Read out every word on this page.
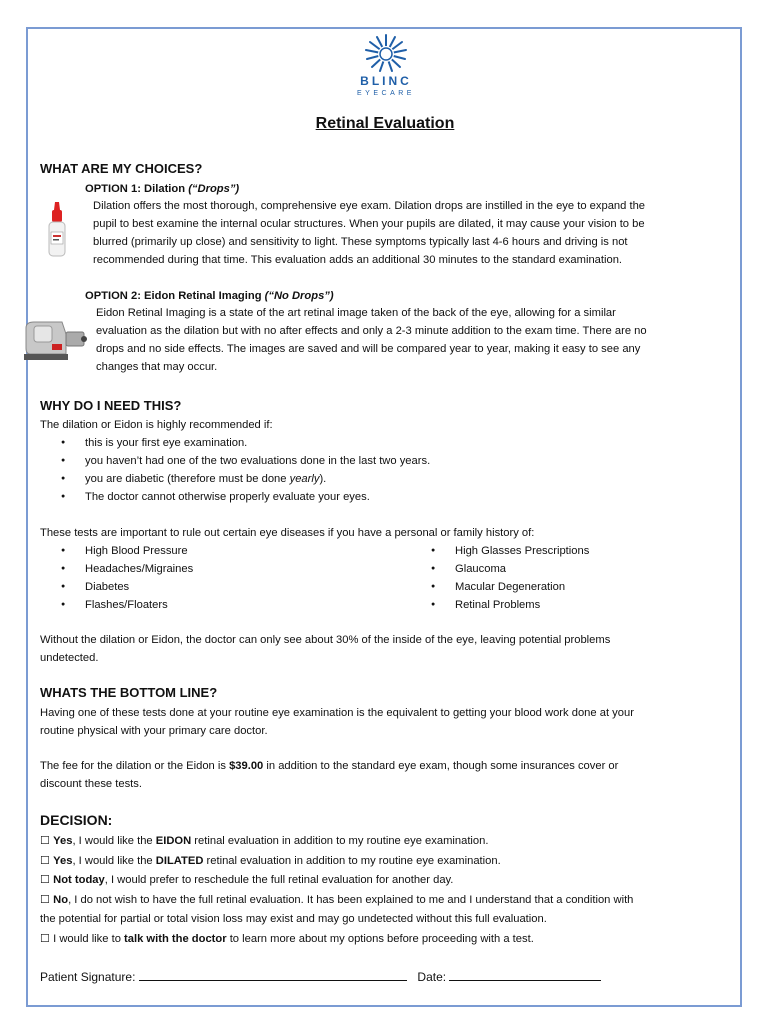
BLINC
EYECARE
Retinal Evaluation
WHAT ARE MY CHOICES?
OPTION 1: Dilation (“Drops”)
Dilation offers the most thorough, comprehensive eye exam. Dilation drops are instilled in the eye to expand the
pupil to best examine the internal ocular structures. When your pupils are dilated, it may cause your vision to be
blurred (primarily up close) and sensitivity to light. These symptoms typically last 4-6 hours and driving is not
recommended during that time. This evaluation adds an additional 30 minutes to the standard examination.
OPTION 2: Eidon Retinal Imaging (“No Drops”)
Eidon Retinal Imaging is a state of the art retinal image taken of the back of the eye, allowing for a similar
evaluation as the dilation but with no after effects and only a 2-3 minute addition to the exam time. There are no
drops and no side effects. The images are saved and will be compared year to year, making it easy to see any
changes that may occur.
WHY DO I NEED THIS?
The dilation or Eidon is highly recommended if:
● this is your first eye examination.
● you haven’t had one of the two evaluations done in the last two years.
● you are diabetic (therefore must be done yearly).
● The doctor cannot otherwise properly evaluate your eyes.
These tests are important to rule out certain eye diseases if you have a personal or family history of:
● High Blood Pressure
● Headaches/Migraines
● Diabetes
● Flashes/Floaters
● High Glasses Prescriptions
● Glaucoma
● Macular Degeneration
● Retinal Problems
Without the dilation or Eidon, the doctor can only see about 30% of the inside of the eye, leaving potential problems
undetected.
WHATS THE BOTTOM LINE?
Having one of these tests done at your routine eye examination is the equivalent to getting your blood work done at your
routine physical with your primary care doctor.
The fee for the dilation or the Eidon is $39.00 in addition to the standard eye exam, though some insurances cover or
discount these tests.
DECISION:
☐ Yes, I would like the EIDON retinal evaluation in addition to my routine eye examination.
☐ Yes, I would like the DILATED retinal evaluation in addition to my routine eye examination.
☐ Not today, I would prefer to reschedule the full retinal evaluation for another day.
☐ No, I do not wish to have the full retinal evaluation. It has been explained to me and I understand that a condition with
the potential for partial or total vision loss may exist and may go undetected without this full evaluation.
☐ I would like to talk with the doctor to learn more about my options before proceeding with a test.
Patient Signature:	Date:
